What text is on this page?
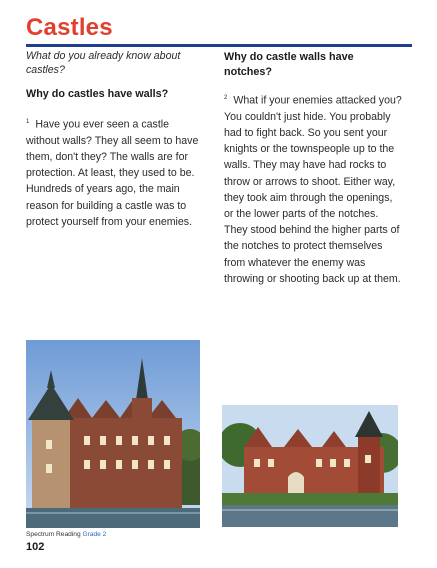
Castles

What do you already know about castles?

Why do castles have walls?

$^1$ Have you ever seen a castle without walls? They all seem to have them, don't they? The walls are for protection. At least, they used to be. Hundreds of years ago, the main reason for building a castle was to protect yourself from your enemies.

Why do castle walls have notches?

$^2$ What if your enemies attacked you? You couldn't just hide. You probably had to fight back. So you sent your knights or the townspeople up to the walls. They may have had rocks to throw or arrows to shoot. Either way, they took aim through the openings, or the lower parts of the notches. They stood behind the higher parts of the notches to protect themselves from whatever the enemy was throwing or shooting back up at them.

Spectrum Reading Grade 2
102
